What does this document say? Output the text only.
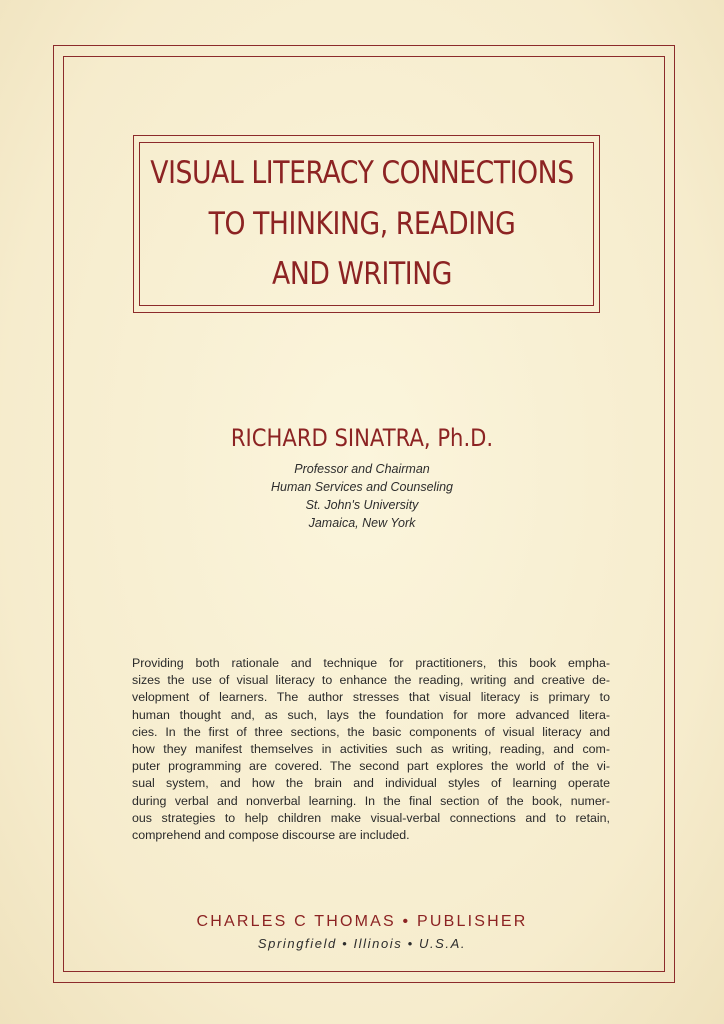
VISUAL LITERACY CONNECTIONS
TO THINKING, READING
AND WRITING
RICHARD SINATRA, Ph.D.
Professor and Chairman
Human Services and Counseling
St. John's University
Jamaica, New York
Providing both rationale and technique for practitioners, this book empha-
sizes the use of visual literacy to enhance the reading, writing and creative de-
velopment of learners. The author stresses that visual literacy is primary to
human thought and, as such, lays the foundation for more advanced litera-
cies. In the first of three sections, the basic components of visual literacy and
how they manifest themselves in activities such as writing, reading, and com-
puter programming are covered. The second part explores the world of the vi-
sual system, and how the brain and individual styles of learning operate
during verbal and nonverbal learning. In the final section of the book, numer-
ous strategies to help children make visual-verbal connections and to retain,
comprehend and compose discourse are included.
CHARLES C THOMAS • PUBLISHER
Springfield • Illinois • U.S.A.
